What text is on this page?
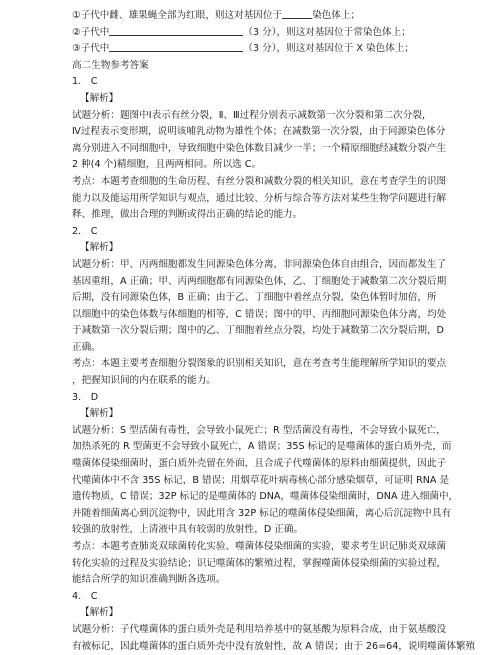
①子代中雌、雄果蝇全部为红眼，则这对基因位于	染色体上；
②子代中	（3 分），则这对基因位于常染色体上；
③子代中	（3 分），则这对基因位于 X 染色体上；
高二生物参考答案
1． C
【解析】
试题分析：题图中Ⅰ表示有丝分裂，Ⅱ、Ⅲ过程分别表示减数第一次分裂和第二次分裂，
Ⅳ过程表示变形期，说明该哺乳动物为雄性个体；在减数第一次分裂，由于同源染色体分
离分别进入不同细胞中，导致细胞中染色体数目减少一半；一个精原细胞经减数分裂产生
2 种(4 个)精细胞，且两两相同。所以选 C。
考点：本题考查细胞的生命历程、有丝分裂和减数分裂的相关知识，意在考查学生的识图
能力以及能运用所学知识与观点，通过比较、分析与综合等方法对某些生物学问题进行解
释、推理，做出合理的判断或得出正确的结论的能力。
2． C
【解析】
试题分析：甲、丙两细胞都发生同源染色体分离，非同源染色体自由组合，因而都发生了
基因重组，A 正确；甲、丙两细胞都有同源染色体，乙、丁细胞处于减数第二次分裂后期
后期，没有同源染色体，B 正确；由于乙、丁细胞中着丝点分裂，染色体暂时加倍，所
以细胞中的染色体数与体细胞的相等，C 错误；图中的甲、丙细胞同源染色体分离，均处
于减数第一次分裂后期；图中的乙、丁细胞着丝点分裂，均处于减数第二次分裂后期，D
正确。
考点：本题主要考查细胞分裂图象的识别相关知识，意在考查考生能理解所学知识的要点
，把握知识间的内在联系的能力。
3． D
【解析】
试题分析：S 型活菌有毒性，会导致小鼠死亡；R 型活菌没有毒性，不会导致小鼠死亡，
加热杀死的 R 型菌更不会导致小鼠死亡，A 错误；35S 标记的是噬菌体的蛋白质外壳，而
噬菌体侵染细菌时，蛋白质外壳留在外面，且合成子代噬菌体的原料由细菌提供，因此子
代噬菌体中不含 35S 标记，B 错误；用烟草花叶病毒核心部分感染烟草，可证明 RNA 是
遗传物质，C 错误；32P 标记的是噬菌体的 DNA，噬菌体侵染细菌时，DNA 进入细菌中，
并随着细菌离心到沉淀物中，因此用含 32P 标记的噬菌体侵染细菌，离心后沉淀物中具有
较强的放射性，上清液中具有较弱的放射性，D 正确。
考点：本题考查肺炎双球菌转化实验、噬菌体侵染细菌的实验，要求考生识记肺炎双球菌
转化实验的过程及实验结论；识记噬菌体的繁殖过程，掌握噬菌体侵染细菌的实验过程，
能结合所学的知识准确判断各选项。
4． C
【解析】
试题分析：子代噬菌体的蛋白质外壳是利用培养基中的氨基酸为原料合成，由于氨基酸没
有被标记，因此噬菌体的蛋白质外壳中没有放射性，故 A 错误；由于 26=64，说明噬菌体繁殖
